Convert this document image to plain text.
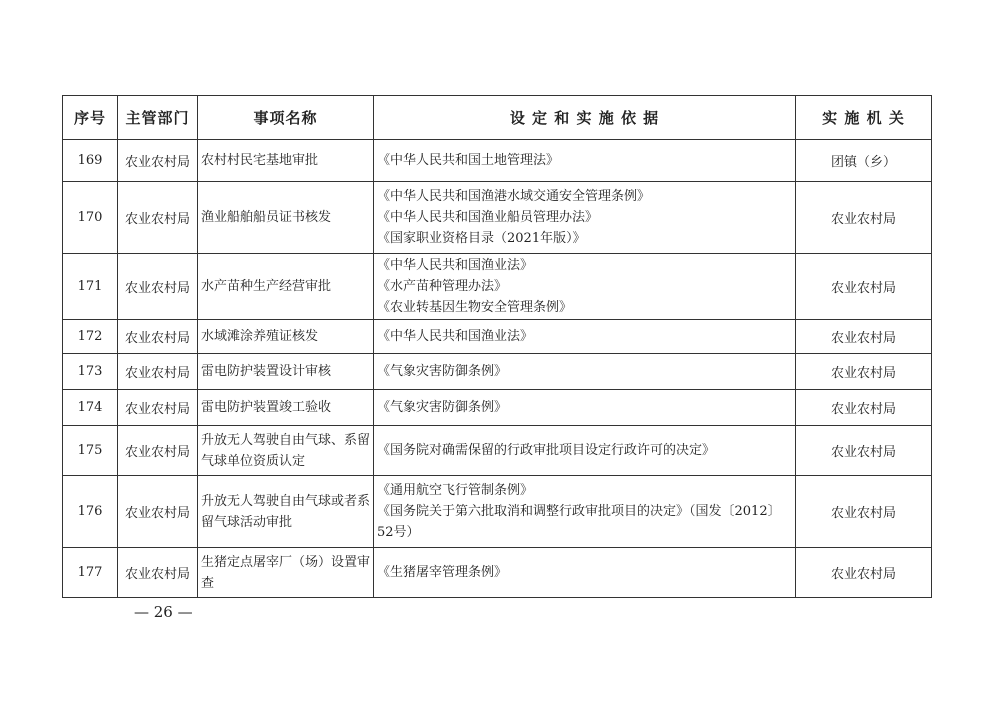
序号	主管部门	事项名称	设 定 和 实 施 依 据	实 施 机 关
169	农业农村局	农村村民宅基地审批	《中华人民共和国土地管理法》	团镇（乡）
170	农业农村局	渔业船舶船员证书核发	《中华人民共和国渔港水域交通安全管理条例》
《中华人民共和国渔业船员管理办法》
《国家职业资格目录（2021年版）》	农业农村局
171	农业农村局	水产苗种生产经营审批	《中华人民共和国渔业法》
《水产苗种管理办法》
《农业转基因生物安全管理条例》	农业农村局
172	农业农村局	水域滩涂养殖证核发	《中华人民共和国渔业法》	农业农村局
173	农业农村局	雷电防护装置设计审核	《气象灾害防御条例》	农业农村局
174	农业农村局	雷电防护装置竣工验收	《气象灾害防御条例》	农业农村局
175	农业农村局	升放无人驾驶自由气球、系留气球单位资质认定	《国务院对确需保留的行政审批项目设定行政许可的决定》	农业农村局
176	农业农村局	升放无人驾驶自由气球或者系留气球活动审批	《通用航空飞行管制条例》
《国务院关于第六批取消和调整行政审批项目的决定》（国发〔2012〕
52号）	农业农村局
177	农业农村局	生猪定点屠宰厂（场）设置审查	《生猪屠宰管理条例》	农业农村局
— 26 —
